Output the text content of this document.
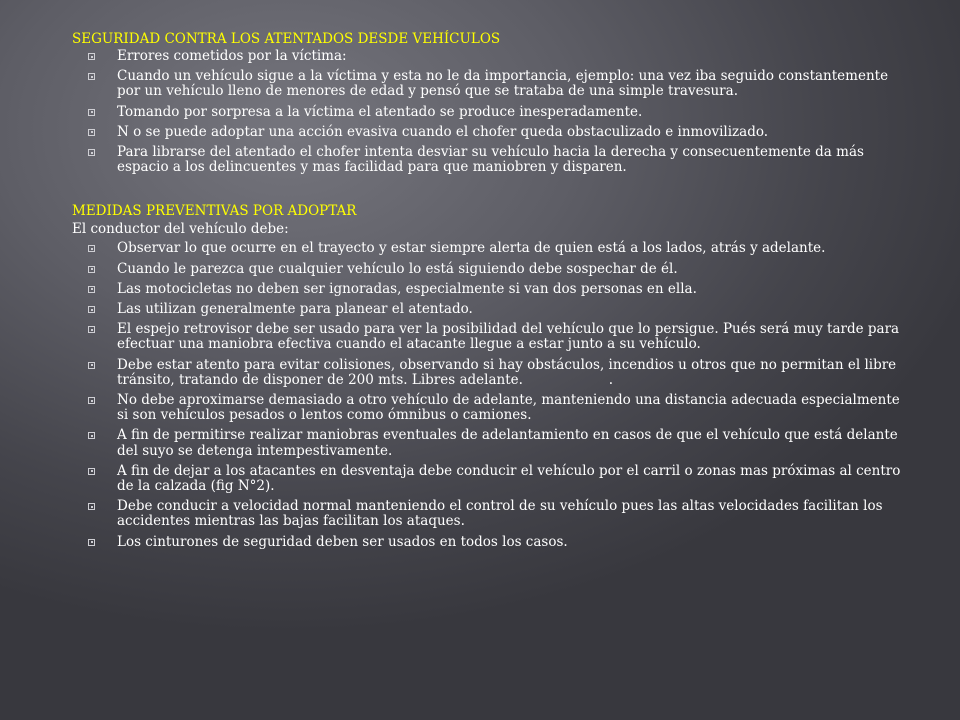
SEGURIDAD CONTRA LOS ATENTADOS DESDE VEHÍCULOS

Errores cometidos por la víctima:
Cuando un vehículo sigue a la víctima y esta no le da importancia, ejemplo: una vez iba seguido constantemente por un vehículo lleno de menores de edad y pensó que se trataba de una simple travesura.
Tomando por sorpresa a la víctima el atentado se produce inesperadamente.
N o se puede adoptar una acción evasiva cuando el chofer queda obstaculizado e inmovilizado.
Para librarse del atentado el chofer intenta desviar su vehículo hacia la derecha y consecuentemente da más espacio a los delincuentes y mas facilidad para que maniobren y disparen.

MEDIDAS PREVENTIVAS POR ADOPTAR

El conductor del vehículo debe:

Observar lo que ocurre en el trayecto y estar siempre alerta de quien está a los lados, atrás y adelante.
Cuando le parezca que cualquier vehículo lo está siguiendo debe sospechar de él.
Las motocicletas no deben ser ignoradas, especialmente si van dos personas en ella.
Las utilizan generalmente para planear el atentado.
El espejo retrovisor debe ser usado para ver la posibilidad del vehículo que lo persigue. Pués será muy tarde para efectuar una maniobra efectiva cuando el atacante llegue a estar junto a su vehículo.
Debe estar atento para evitar colisiones, observando si hay obstáculos, incendios u otros que no permitan el libre tránsito, tratando de disponer de 200 mts. Libres adelante.                    .
No debe aproximarse demasiado a otro vehículo de adelante, manteniendo una distancia adecuada especialmente si son vehículos pesados o lentos como ómnibus o camiones.
A fin de permitirse realizar maniobras eventuales de adelantamiento en casos de que el vehículo que está delante del suyo se detenga intempestivamente.
A fin de dejar a los atacantes en desventaja debe conducir el vehículo por el carril o zonas mas próximas al centro de la calzada (fig N°2).
Debe conducir a velocidad normal manteniendo el control de su vehículo pues las altas velocidades facilitan los accidentes mientras las bajas facilitan los ataques.
Los cinturones de seguridad deben ser usados en todos los casos.
